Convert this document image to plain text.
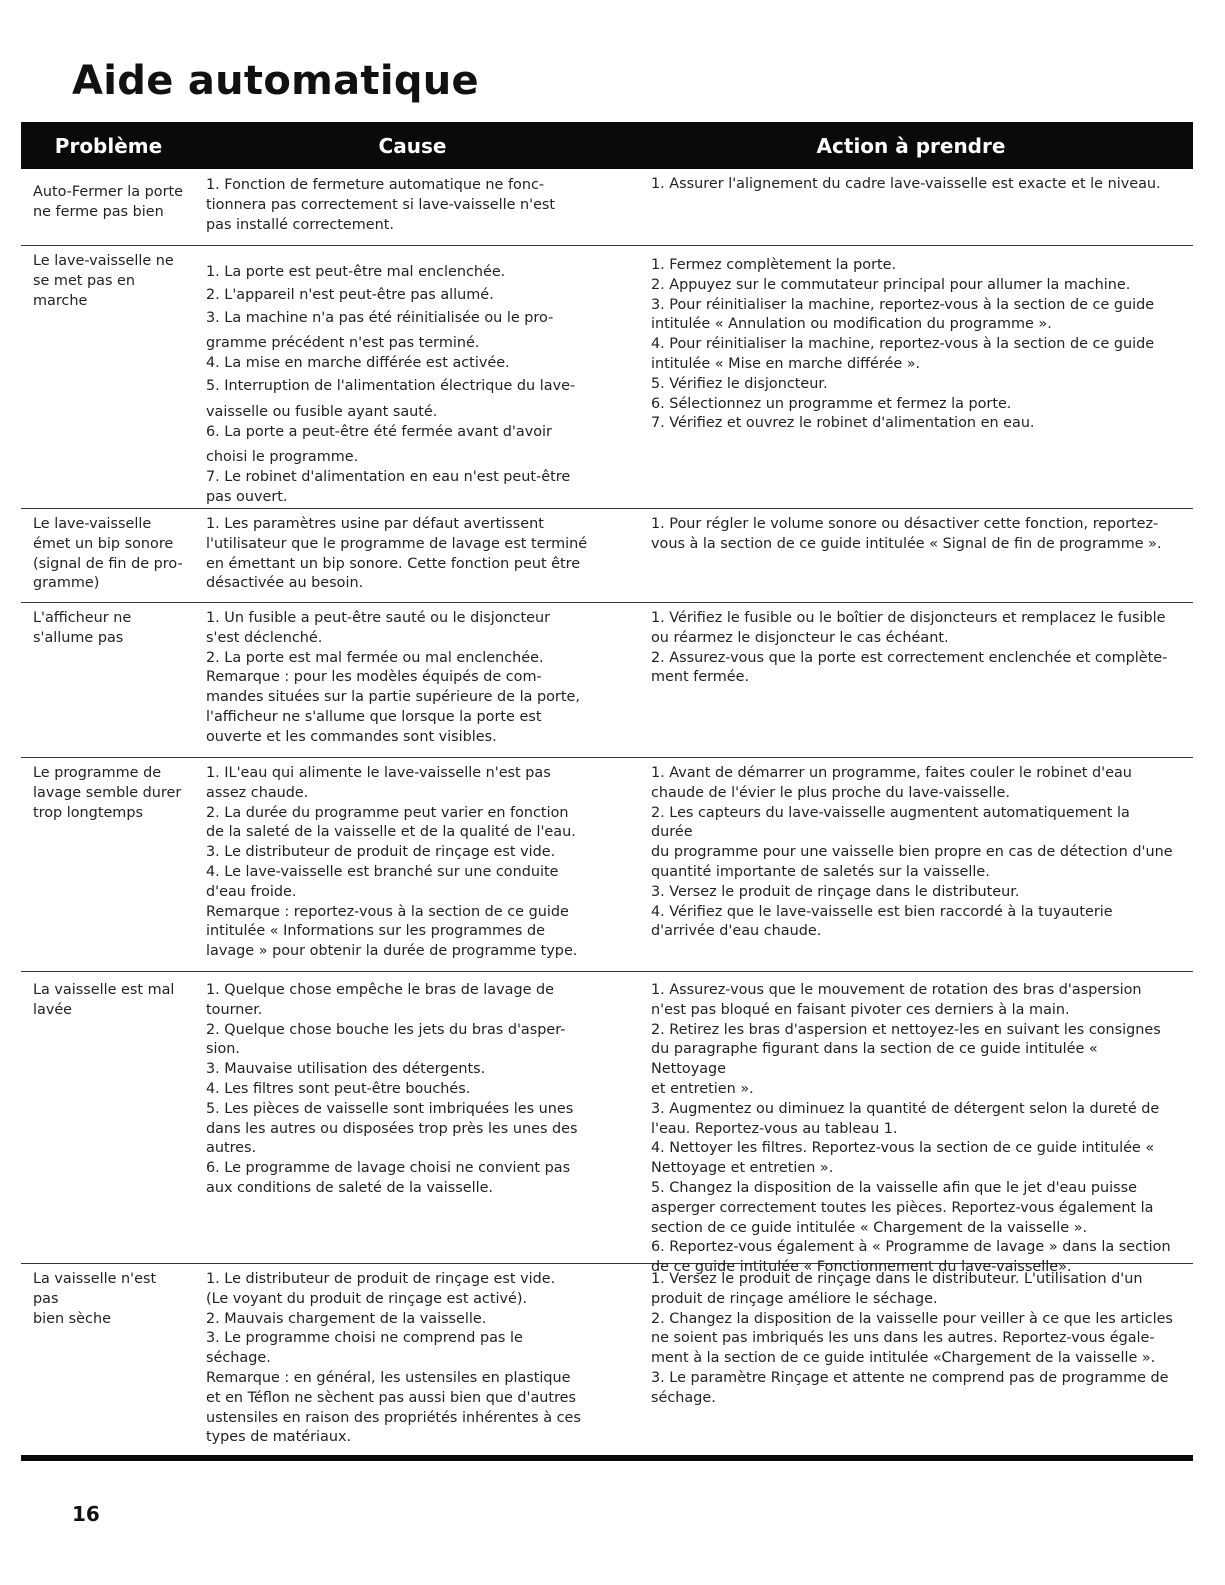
Aide automatique
Problème	Cause	Action à prendre
Auto-Fermer la porte
ne ferme pas bien
1. Fonction de fermeture automatique ne fonc-
tionnera pas correctement si lave-vaisselle n'est
pas installé correctement.
1. Assurer l'alignement du cadre lave-vaisselle est exacte et le niveau.
Le lave-vaisselle ne
se met pas en
marche
1. La porte est peut-être mal enclenchée.
2. L'appareil n'est peut-être pas allumé.
3. La machine n'a pas été réinitialisée ou le pro-
gramme précédent n'est pas terminé.
4. La mise en marche différée est activée.
5. Interruption de l'alimentation électrique du lave-
vaisselle ou fusible ayant sauté.
6. La porte a peut-être été fermée avant d'avoir
choisi le programme.
7. Le robinet d'alimentation en eau n'est peut-être
pas ouvert.
1. Fermez complètement la porte.
2. Appuyez sur le commutateur principal pour allumer la machine.
3. Pour réinitialiser la machine, reportez-vous à la section de ce guide
intitulée « Annulation ou modification du programme ».
4. Pour réinitialiser la machine, reportez-vous à la section de ce guide
intitulée « Mise en marche différée ».
5. Vérifiez le disjoncteur.
6. Sélectionnez un programme et fermez la porte.
7. Vérifiez et ouvrez le robinet d'alimentation en eau.
Le lave-vaisselle
émet un bip sonore
(signal de fin de pro-
gramme)
1. Les paramètres usine par défaut avertissent
l'utilisateur que le programme de lavage est terminé
en émettant un bip sonore. Cette fonction peut être
désactivée au besoin.
1. Pour régler le volume sonore ou désactiver cette fonction, reportez-
vous à la section de ce guide intitulée « Signal de fin de programme ».
L'afficheur ne
s'allume pas
1. Un fusible a peut-être sauté ou le disjoncteur
s'est déclenché.
2. La porte est mal fermée ou mal enclenchée.
Remarque : pour les modèles équipés de com-
mandes situées sur la partie supérieure de la porte,
l'afficheur ne s'allume que lorsque la porte est
ouverte et les commandes sont visibles.
1. Vérifiez le fusible ou le boîtier de disjoncteurs et remplacez le fusible
ou réarmez le disjoncteur le cas échéant.
2. Assurez-vous que la porte est correctement enclenchée et complète-
ment fermée.
Le programme de
lavage semble durer
trop longtemps
1. IL'eau qui alimente le lave-vaisselle n'est pas
assez chaude.
2. La durée du programme peut varier en fonction
de la saleté de la vaisselle et de la qualité de l'eau.
3. Le distributeur de produit de rinçage est vide.
4. Le lave-vaisselle est branché sur une conduite
d'eau froide.
Remarque : reportez-vous à la section de ce guide
intitulée « Informations sur les programmes de
lavage » pour obtenir la durée de programme type.
1. Avant de démarrer un programme, faites couler le robinet d'eau
chaude de l'évier le plus proche du lave-vaisselle.
2. Les capteurs du lave-vaisselle augmentent automatiquement la durée
du programme pour une vaisselle bien propre en cas de détection d'une
quantité importante de saletés sur la vaisselle.
3. Versez le produit de rinçage dans le distributeur.
4. Vérifiez que le lave-vaisselle est bien raccordé à la tuyauterie
d'arrivée d'eau chaude.
La vaisselle est mal
lavée
1. Quelque chose empêche le bras de lavage de
tourner.
2. Quelque chose bouche les jets du bras d'asper-
sion.
3. Mauvaise utilisation des détergents.
4. Les filtres sont peut-être bouchés.
5. Les pièces de vaisselle sont imbriquées les unes
dans les autres ou disposées trop près les unes des
autres.
6. Le programme de lavage choisi ne convient pas
aux conditions de saleté de la vaisselle.
1. Assurez-vous que le mouvement de rotation des bras d'aspersion
n'est pas bloqué en faisant pivoter ces derniers à la main.
2. Retirez les bras d'aspersion et nettoyez-les en suivant les consignes
du paragraphe figurant dans la section de ce guide intitulée « Nettoyage
et entretien ».
3. Augmentez ou diminuez la quantité de détergent selon la dureté de
l'eau. Reportez-vous au tableau 1.
4. Nettoyer les filtres. Reportez-vous la section de ce guide intitulée «
Nettoyage et entretien ».
5. Changez la disposition de la vaisselle afin que le jet d'eau puisse
asperger correctement toutes les pièces. Reportez-vous également la
section de ce guide intitulée « Chargement de la vaisselle ».
6. Reportez-vous également à « Programme de lavage » dans la section
de ce guide intitulée « Fonctionnement du lave-vaisselle».
La vaisselle n'est pas
bien sèche
1. Le distributeur de produit de rinçage est vide.
(Le voyant du produit de rinçage est activé).
2. Mauvais chargement de la vaisselle.
3. Le programme choisi ne comprend pas le
séchage.
Remarque : en général, les ustensiles en plastique
et en Téflon ne sèchent pas aussi bien que d'autres
ustensiles en raison des propriétés inhérentes à ces
types de matériaux.
1. Versez le produit de rinçage dans le distributeur. L'utilisation d'un
produit de rinçage améliore le séchage.
2. Changez la disposition de la vaisselle pour veiller à ce que les articles
ne soient pas imbriqués les uns dans les autres. Reportez-vous égale-
ment à la section de ce guide intitulée «Chargement de la vaisselle ».
3. Le paramètre Rinçage et attente ne comprend pas de programme de
séchage.
16
